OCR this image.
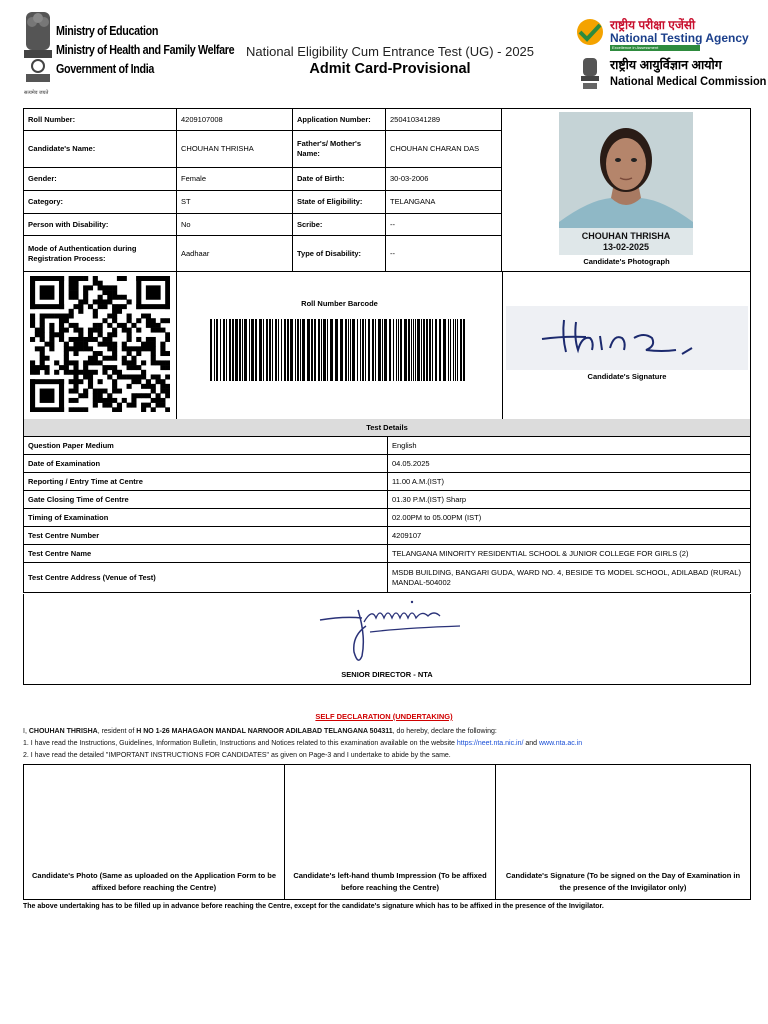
सत्यमेव जयते
Ministry of Education
Ministry of Health and Family Welfare
Government of India
National Eligibility Cum Entrance Test (UG) - 2025
Admit Card-Provisional
राष्ट्रीय परीक्षा एजेंसी
National Testing Agency
Excellence in Assessment
राष्ट्रीय आयुर्विज्ञान आयोग
National Medical Commission
Roll Number:	4209107008	Application Number:	250410341289
Candidate's Name:	CHOUHAN THRISHA
Father's/ Mother's Name:
CHOUHAN CHARAN DAS
Gender:	Female	Date of Birth:	30-03-2006
Category:	ST	State of Eligibility:	TELANGANA
Person with Disability:	No	Scribe:	--
Mode of Authentication during Registration Process:
Aadhaar	Type of Disability:	--
CHOUHAN THRISHA
13-02-2025
Candidate's Photograph
Roll Number Barcode
Candidate's Signature
Test Details
Question Paper Medium	English
Date of Examination	04.05.2025
Reporting / Entry Time at Centre	11.00 A.M.(IST)
Gate Closing Time of Centre	01.30 P.M.(IST) Sharp
Timing of Examination	02.00PM to 05.00PM (IST)
Test Centre Number	4209107
Test Centre Name	TELANGANA MINORITY RESIDENTIAL SCHOOL & JUNIOR COLLEGE FOR GIRLS (2)
Test Centre Address (Venue of Test)
MSDB BUILDING, BANGARI GUDA, WARD NO. 4, BESIDE TG MODEL SCHOOL, ADILABAD (RURAL) MANDAL-504002
SENIOR DIRECTOR - NTA
SELF DECLARATION (UNDERTAKING)
I, CHOUHAN THRISHA, resident of H NO 1-26 MAHAGAON MANDAL NARNOOR ADILABAD TELANGANA 504311, do hereby, declare the following:
1. I have read the Instructions, Guidelines, Information Bulletin, Instructions and Notices related to this examination available on the website https://neet.nta.nic.in/ and www.nta.ac.in
2. I have read the detailed "IMPORTANT INSTRUCTIONS FOR CANDIDATES" as given on Page-3 and I undertake to abide by the same.
Candidate's Photo (Same as uploaded on the Application Form to be affixed before reaching the Centre)
Candidate's left-hand thumb Impression (To be affixed before reaching the Centre)
Candidate's Signature (To be signed on the Day of Examination in the presence of the Invigilator only)
The above undertaking has to be filled up in advance before reaching the Centre, except for the candidate's signature which has to be affixed in the presence of the Invigilator.
